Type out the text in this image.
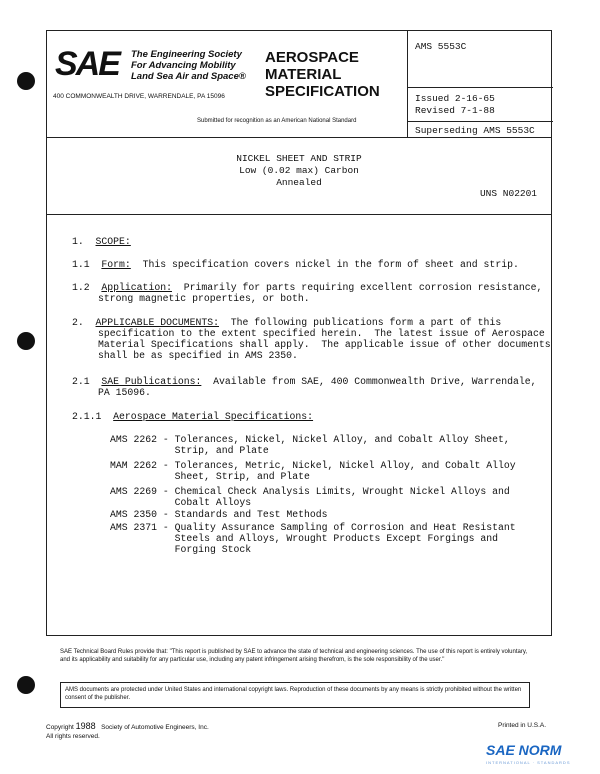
SAE The Engineering Society
For Advancing Mobility
Land Sea Air and Space®
400 COMMONWEALTH DRIVE, WARRENDALE, PA 15096
AEROSPACE
MATERIAL
SPECIFICATION
Submitted for recognition as an American National Standard
AMS 5553C
Issued 2-16-65
Revised 7-1-88
Superseding AMS 5553C
NICKEL SHEET AND STRIP
Low (0.02 max) Carbon
Annealed
UNS N02201
1. SCOPE:
1.1 Form:  This specification covers nickel in the form of sheet and strip.
1.2 Application:  Primarily for parts requiring excellent corrosion resistance,
strong magnetic properties, or both.
2. APPLICABLE DOCUMENTS:  The following publications form a part of this
specification to the extent specified herein.  The latest issue of Aerospace
Material Specifications shall apply.  The applicable issue of other documents
shall be as specified in AMS 2350.
2.1 SAE Publications:  Available from SAE, 400 Commonwealth Drive, Warrendale,
PA 15096.
2.1.1 Aerospace Material Specifications:
AMS 2262 - Tolerances, Nickel, Nickel Alloy, and Cobalt Alloy Sheet,
Strip, and Plate
MAM 2262 - Tolerances, Metric, Nickel, Nickel Alloy, and Cobalt Alloy
Sheet, Strip, and Plate
AMS 2269 - Chemical Check Analysis Limits, Wrought Nickel Alloys and
Cobalt Alloys
AMS 2350 - Standards and Test Methods
AMS 2371 - Quality Assurance Sampling of Corrosion and Heat Resistant
Steels and Alloys, Wrought Products Except Forgings and
Forging Stock
SAE Technical Board Rules provide that: "This report is published by SAE to advance the state of technical and engineering sciences. The use of this report is entirely voluntary, and its applicability and suitability for any particular use, including any patent infringement arising therefrom, is the sole responsibility of the user."
AMS documents are protected under United States and international copyright laws. Reproduction of these documents by any means is strictly prohibited without the written consent of the publisher.
Copyright 1988 Society of Automotive Engineers, Inc.
All rights reserved.
Printed in U.S.A.
SAE NORM
INTERNATIONAL · STANDARDS
